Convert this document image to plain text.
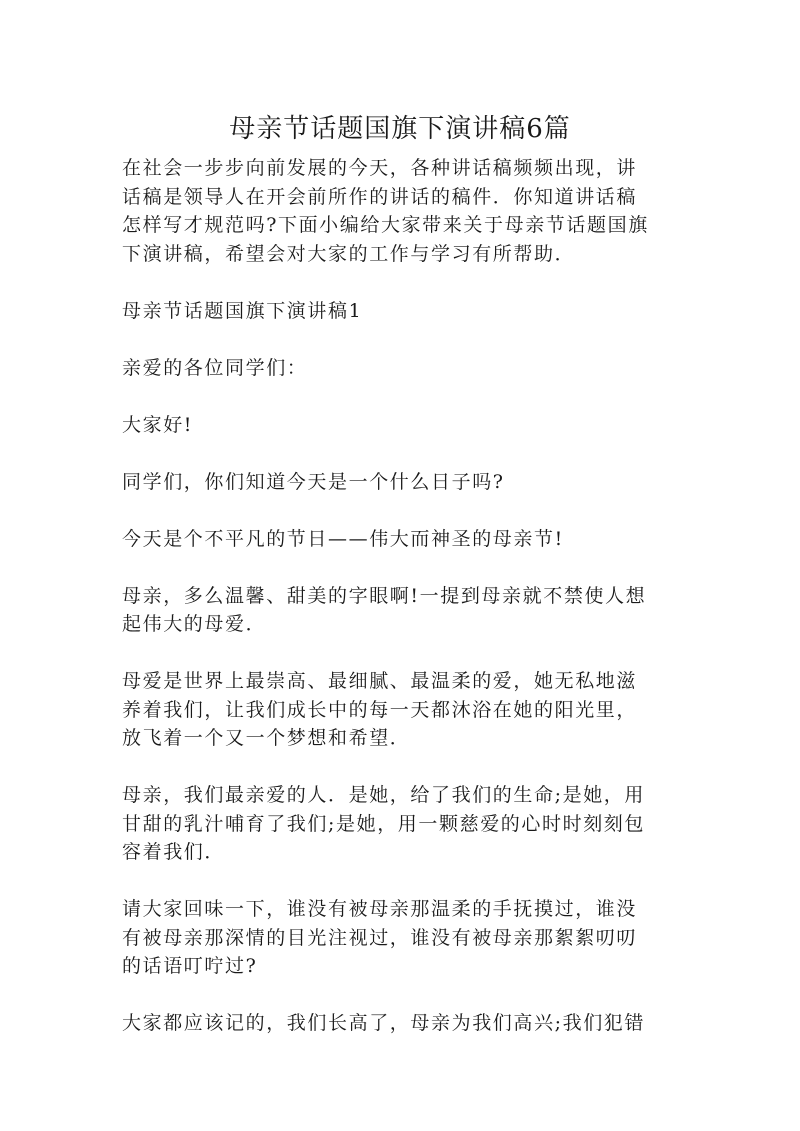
母亲节话题国旗下演讲稿6篇

在社会一步步向前发展的今天，各种讲话稿频频出现，讲
话稿是领导人在开会前所作的讲话的稿件．你知道讲话稿
怎样写才规范吗?下面小编给大家带来关于母亲节话题国旗
下演讲稿，希望会对大家的工作与学习有所帮助．

母亲节话题国旗下演讲稿1

亲爱的各位同学们：

大家好!

同学们，你们知道今天是一个什么日子吗?

今天是个不平凡的节日——伟大而神圣的母亲节!

母亲，多么温馨、甜美的字眼啊!一提到母亲就不禁使人想
起伟大的母爱．

母爱是世界上最崇高、最细腻、最温柔的爱，她无私地滋
养着我们，让我们成长中的每一天都沐浴在她的阳光里，
放飞着一个又一个梦想和希望．

母亲，我们最亲爱的人．是她，给了我们的生命;是她，用
甘甜的乳汁哺育了我们;是她，用一颗慈爱的心时时刻刻包
容着我们．

请大家回味一下，谁没有被母亲那温柔的手抚摸过，谁没
有被母亲那深情的目光注视过，谁没有被母亲那絮絮叨叨
的话语叮咛过?

大家都应该记的，我们长高了，母亲为我们高兴;我们犯错
